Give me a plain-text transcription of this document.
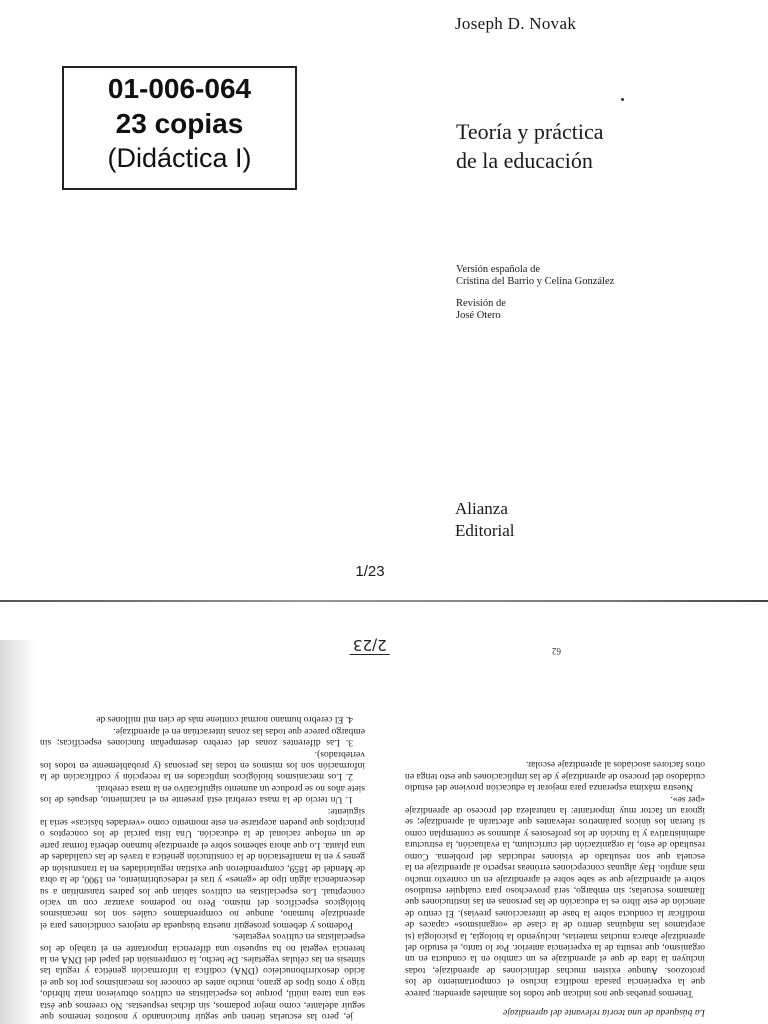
Joseph D. Novak
01-006-064
23 copias
(Didáctica I)
Teoría y práctica
de la educación
Versión española de
Cristina del Barrio y Celina González
Revisión de
José Otero
Alianza
Editorial
1/23
2/23	62

La búsqueda de una teoría relevante del aprendizaje

Tenemos pruebas que nos indican que todos los animales aprenden; parece que la experiencia pasada modifica incluso el comportamiento de los protozoos. Aunque existen muchas definiciones de aprendizaje, todas incluyen la idea de que el aprendizaje es un cambio en la conducta en un organismo, que resulta de la experiencia anterior. Por lo tanto, el estudio del aprendizaje abarca muchas materias, incluyendo la biología, la psicología (si aceptamos las máquinas dentro de la clase de «organismos» capaces de modificar la conducta sobre la base de interacciones previas). El centro de atención de este libro es la educación de las personas en las instituciones que llamamos escuelas; sin embargo, será provechoso para cualquier estudioso sobre el aprendizaje que se sabe sobre el aprendizaje en un contexto mucho más amplio. Hay algunas concepciones erróneas respecto al aprendizaje en la escuela que son resultado de visiones reducidas del problema. Como resultado de esto, la organización del currículum, la evaluación, la estructura administrativa y la función de los profesores y alumnos se contemplan como si fueran los únicos parámetros relevantes que afectarán al aprendizaje; se ignora un factor muy importante: la naturaleza del proceso de aprendizaje «per se».

Nuestra máxima esperanza para mejorar la educación proviene del estudio cuidadoso del proceso de aprendizaje y de las implicaciones que esto tenga en otros factores asociados al aprendizaje escolar.

je, pero las escuelas tienen que seguir funcionando y nosotros tenemos que seguir adelante, como mejor podamos, sin dichas respuestas. No creemos que ésta sea una tarea inútil, porque los especialistas en cultivos obtuvieron maíz híbrido, trigo y otros tipos de grano, mucho antes de conocer los mecanismos por los que el ácido desoxirribonucleico (DNA) codifica la información genética y regula las síntesis en las células vegetales. De hecho, la comprensión del papel del DNA en la herencia vegetal no ha supuesto una diferencia importante en el trabajo de los especialistas en cultivos vegetales.

Podemos y debemos proseguir nuestra búsqueda de mejores condiciones para el aprendizaje humano, aunque no comprendamos cuáles son los mecanismos biológicos específicos del mismo. Pero no podemos avanzar con un vacío conceptual. Los especialistas en cultivos sabían que los padres transmitían a su descendencia algún tipo de «genes» y tras el redescubrimiento, en 1900, de la obra de Mendel de 1859, comprendieron que existían regularidades en la transmisión de genes y en la manifestación de la constitución genética a través de las cualidades de una planta. Lo que ahora sabemos sobre el aprendizaje humano debería formar parte de un enfoque racional de la educación. Una lista parcial de los conceptos o principios que pueden aceptarse en este momento como «verdades básicas» sería la siguiente:

1. Un tercio de la masa cerebral está presente en el nacimiento, después de los siete años no se produce un aumento significativo en la masa cerebral.
2. Los mecanismos biológicos implicados en la recepción y codificación de la información son los mismos en todas las personas (y probablemente en todos los vertebrados).
3. Las diferentes zonas del cerebro desempeñan funciones específicas; sin embargo parece que todas las zonas interactúan en el aprendizaje.
4. El cerebro humano normal contiene más de cien mil millones de
